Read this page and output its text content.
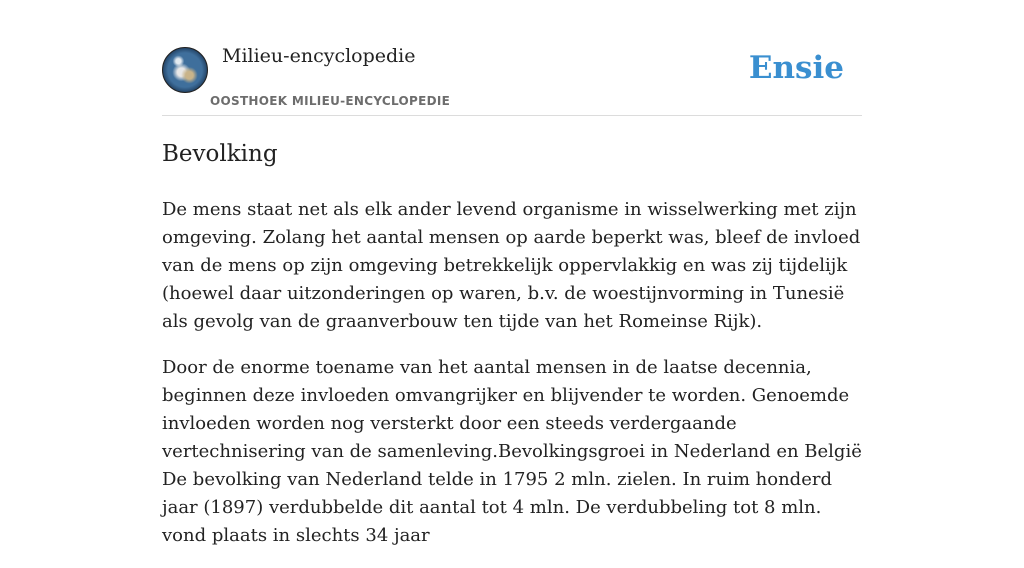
Milieu-encyclopedie
OOSTHOEK MILIEU-ENCYCLOPEDIE
Ensie
Bevolking

De mens staat net als elk ander levend organisme in wisselwerking met zijn omgeving. Zolang het aantal mensen op aarde beperkt was, bleef de invloed van de mens op zijn omgeving betrekkelijk oppervlakkig en was zij tijdelijk (hoewel daar uitzonderingen op waren, b.v. de woestijnvorming in Tunesië als gevolg van de graanverbouw ten tijde van het Romeinse Rijk).

Door de enorme toename van het aantal mensen in de laatse decennia, beginnen deze invloeden omvangrijker en blijvender te worden. Genoemde invloeden worden nog versterkt door een steeds verdergaande vertechnisering van de samenleving.Bevolkingsgroei in Nederland en België De bevolking van Nederland telde in 1795 2 mln. zielen. In ruim honderd jaar (1897) verdubbelde dit aantal tot 4 mln. De verdubbeling tot 8 mln. vond plaats in slechts 34 jaar
